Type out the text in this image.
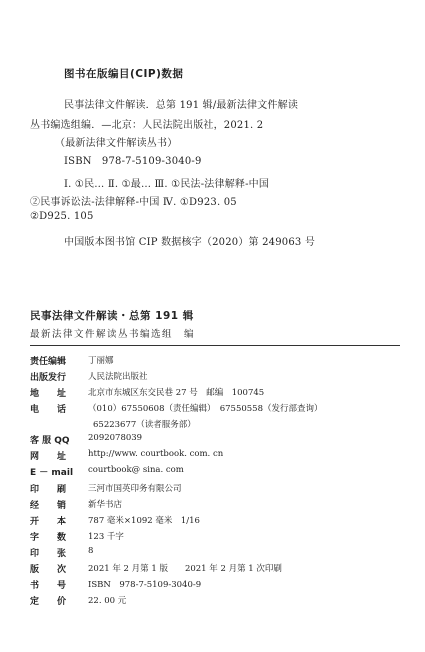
图书在版编目(CIP)数据
民事法律文件解读．总第 191 辑/最新法律文件解读
丛书编选组编．—北京：人民法院出版社，2021. 2
（最新法律文件解读丛书）
ISBN　978-7-5109-3040-9
Ⅰ. ①民… Ⅱ. ①最… Ⅲ. ①民法-法律解释-中国
②民事诉讼法-法律解释-中国 Ⅳ. ①D923. 05
②D925. 105
中国版本图书馆 CIP 数据核字（2020）第 249063 号
民事法律文件解读・总第 191 辑
最新法律文件解读丛书编选组　编
责任编辑	丁丽娜
出版发行	人民法院出版社
地　　址	北京市东城区东交民巷 27 号　邮编　100745
电　　话	（010）67550608（责任编辑）　67550558（发行部查询）
65223677（读者服务部）
客 服 QQ 2092078039
网　　址	http://www. courtbook. com. cn
E － mail courtbook@ sina. com
印　　刷	三河市国英印务有限公司
经　　销	新华书店
开　　本	787 毫米×1092 毫米　1/16
字　　数	123 千字
印　　张	8
版　　次	2021 年 2 月第 1 版　　2021 年 2 月第 1 次印刷
书　　号	ISBN　978-7-5109-3040-9
定　　价	22. 00 元
